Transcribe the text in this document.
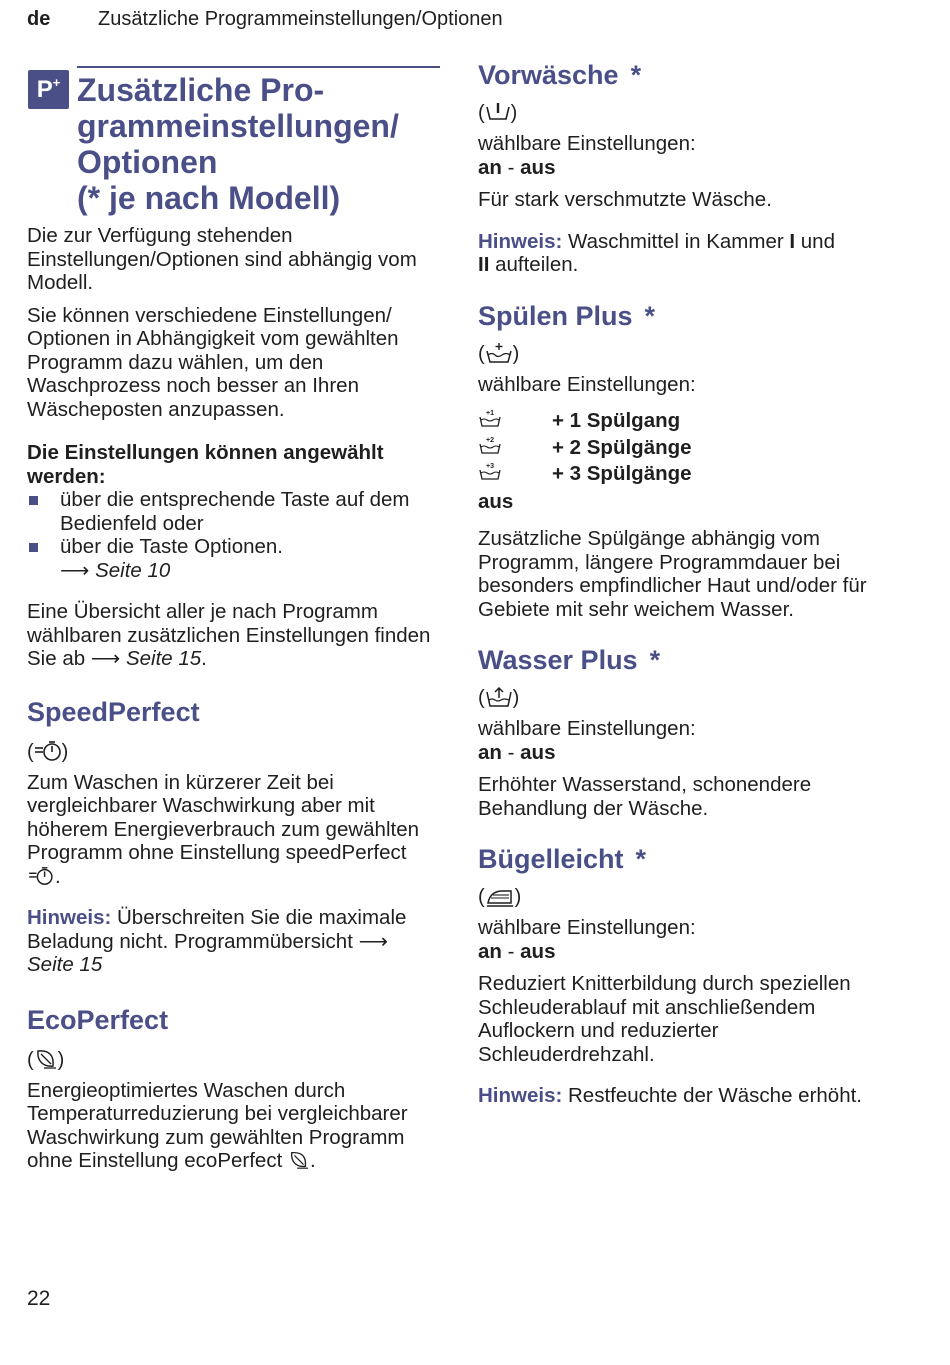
de Zusätzliche Programmeinstellungen/Optionen
P+ Zusätzliche Pro-
grammeinstellungen/
Optionen
(* je nach Modell)

Die zur Verfügung stehenden Einstellungen/Optionen sind abhängig vom Modell.

Sie können verschiedene Einstellungen/ Optionen in Abhängigkeit vom gewählten Programm dazu wählen, um den Waschprozess noch besser an Ihren Wäscheposten anzupassen.

Die Einstellungen können angewählt werden:

über die entsprechende Taste auf dem Bedienfeld oder
über die Taste Optionen.
⟶ Seite 10

Eine Übersicht aller je nach Programm wählbaren zusätzlichen Einstellungen finden Sie ab ⟶ Seite 15.

SpeedPerfect
( )

Zum Waschen in kürzerer Zeit bei vergleichbarer Waschwirkung aber mit höherem Energieverbrauch zum gewählten Programm ohne Einstellung speedPerfect .

Hinweis: Überschreiten Sie die maximale Beladung nicht. Programmübersicht ⟶ Seite 15

EcoPerfect
( )

Energieoptimiertes Waschen durch Temperaturreduzierung bei vergleichbarer Waschwirkung zum gewählten Programm ohne Einstellung ecoPerfect .

Vorwäsche *
( )

wählbare Einstellungen:

an - aus

Für stark verschmutzte Wäsche.

Hinweis: Waschmittel in Kammer I und
II aufteilen.

Spülen Plus *
( )

wählbare Einstellungen:

+1	+ 1 Spülgang
+2	+ 2 Spülgänge
+3	+ 3 Spülgänge

aus

Zusätzliche Spülgänge abhängig vom Programm, längere Programmdauer bei besonders empfindlicher Haut und/oder für Gebiete mit sehr weichem Wasser.

Wasser Plus *
( )

wählbare Einstellungen:

an - aus

Erhöhter Wasserstand, schonendere Behandlung der Wäsche.

Bügelleicht *
( )

wählbare Einstellungen:

an - aus

Reduziert Knitterbildung durch speziellen Schleuderablauf mit anschließendem Auflockern und reduzierter Schleuderdrehzahl.

Hinweis: Restfeuchte der Wäsche erhöht.

22
